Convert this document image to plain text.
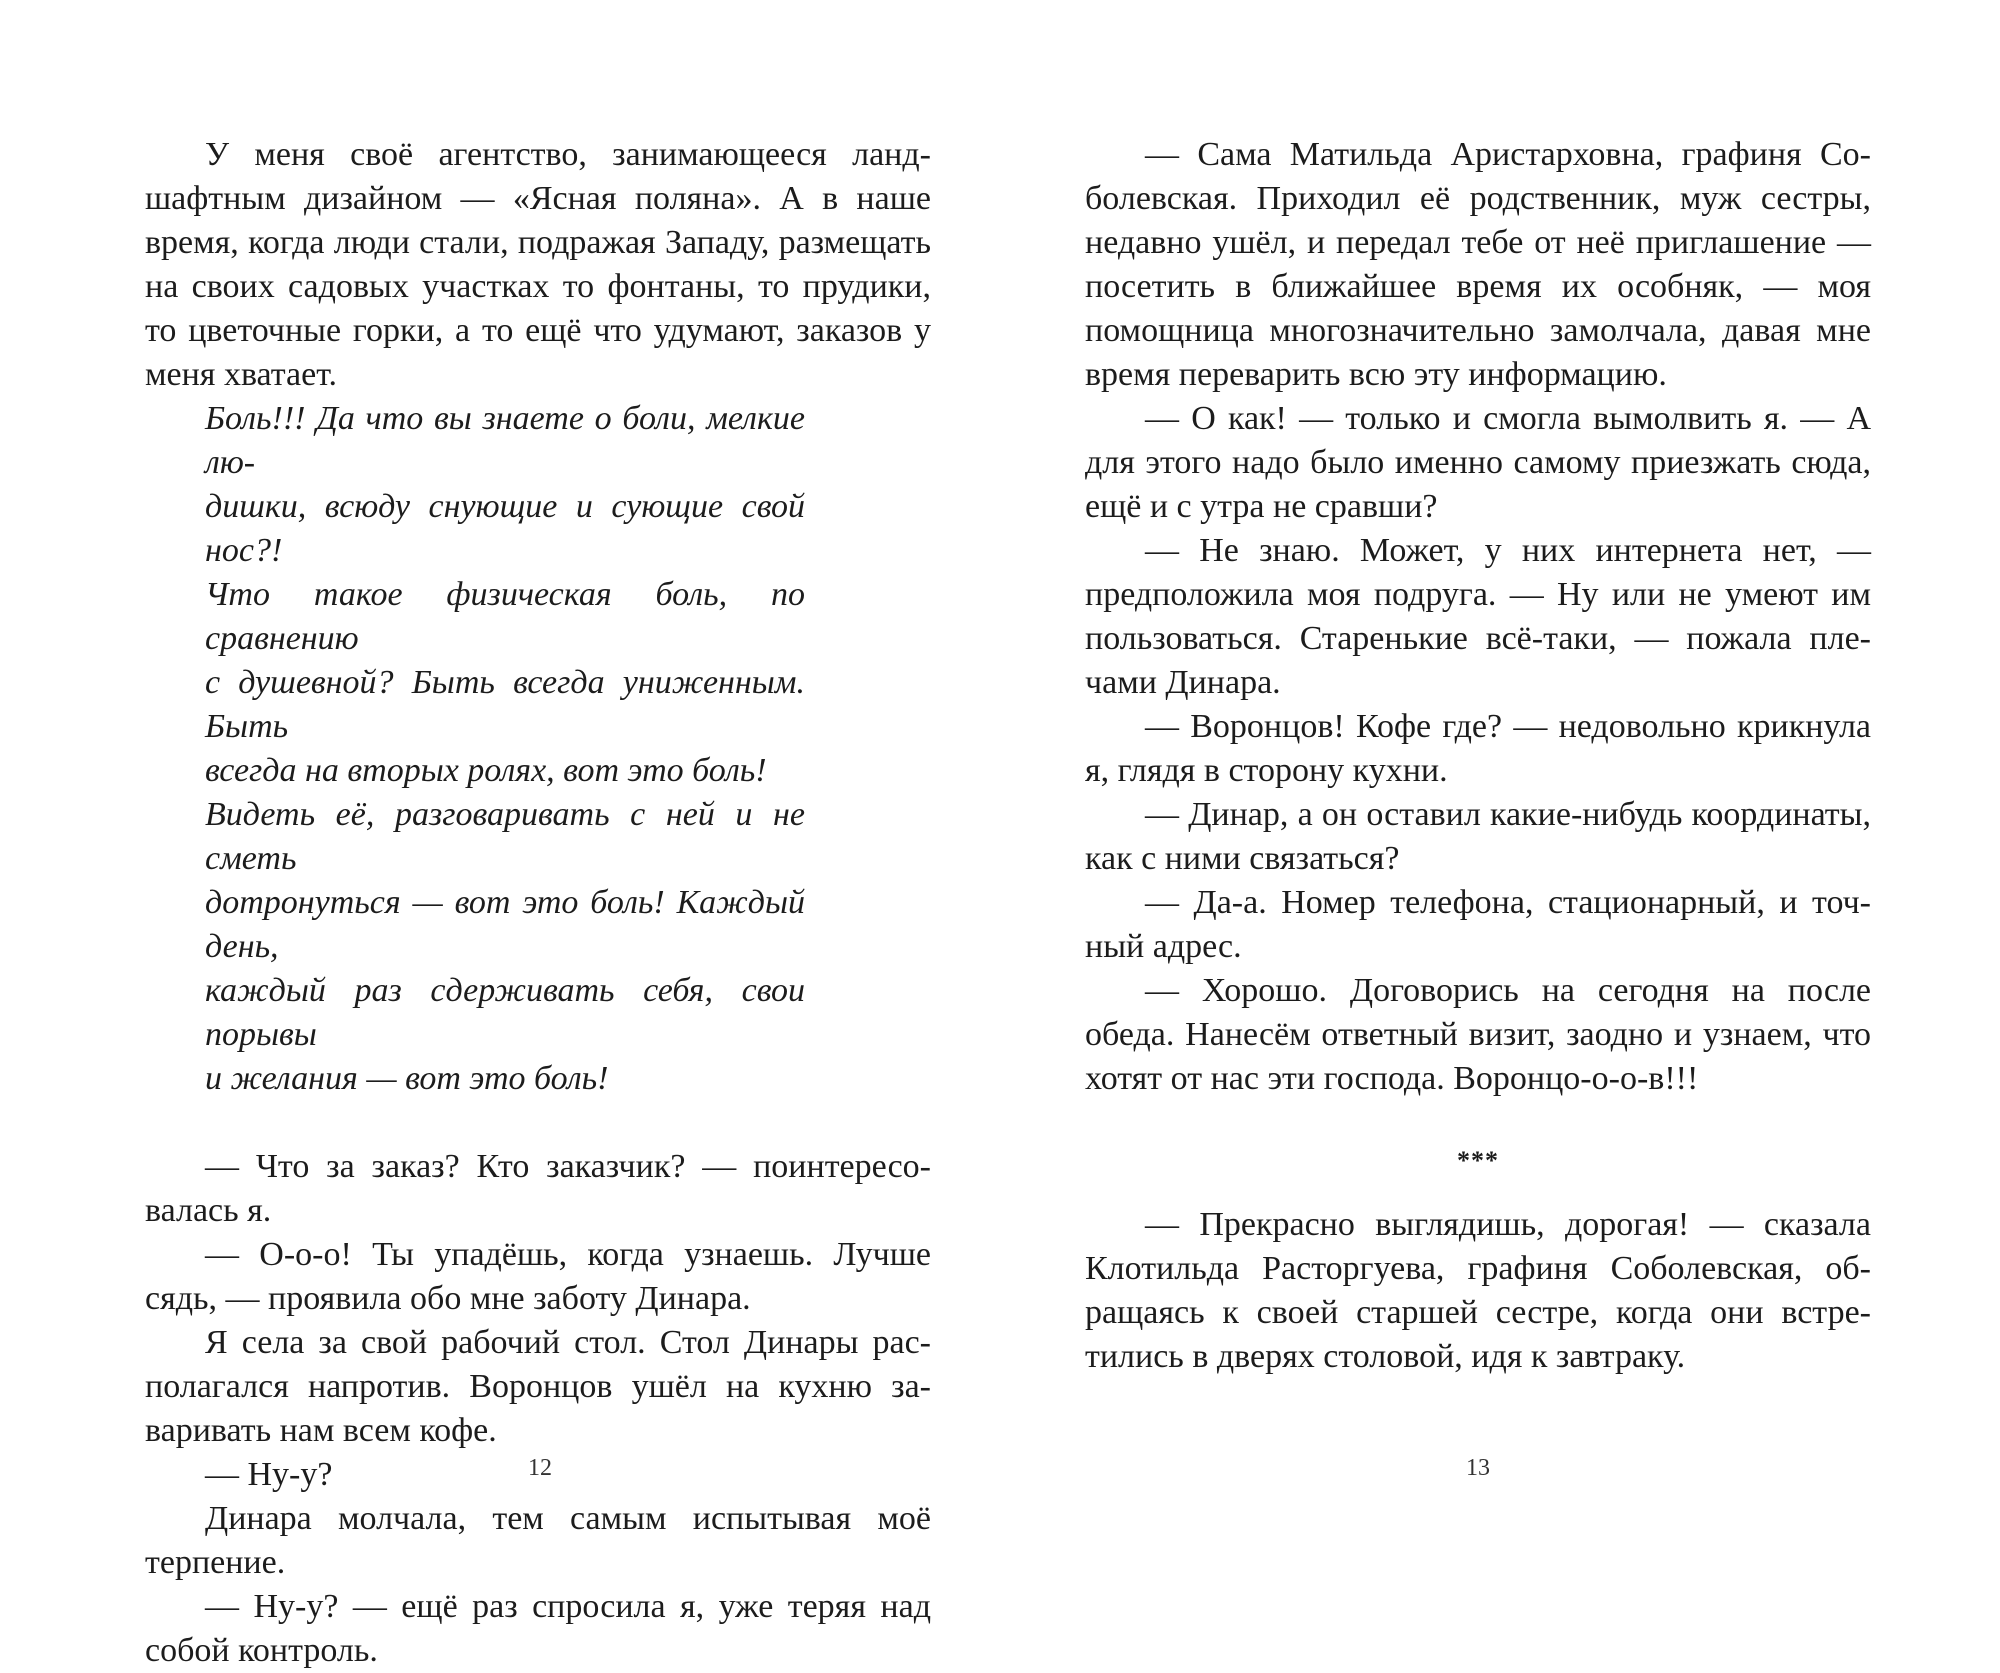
У меня своё агентство, занимающееся ландшафтным дизайном — «Ясная поляна». А в наше время, когда люди стали, подражая Западу, размещать на своих садовых участках то фонтаны, то прудики, то цветочные горки, а то ещё что удумают, заказов у меня хватает.

Боль!!! Да что вы знаете о боли, мелкие лю-
дишки, всюду снующие и сующие свой нос?!
Что такое физическая боль, по сравнению
с душевной? Быть всегда униженным. Быть
всегда на вторых ролях, вот это боль!
Видеть её, разговаривать с ней и не сметь
дотронуться — вот это боль! Каждый день,
каждый раз сдерживать себя, свои порывы
и желания — вот это боль!

— Что за заказ? Кто заказчик? — поинтересовалась я.

— О-о-о! Ты упадёшь, когда узнаешь. Лучше сядь, — проявила обо мне заботу Динара.

Я села за свой рабочий стол. Стол Динары располагался напротив. Воронцов ушёл на кухню заваривать нам всем кофе.

— Ну-у?

Динара молчала, тем самым испытывая моё терпение.

— Ну-у? — ещё раз спросила я, уже теряя над собой контроль.

12

— Сама Матильда Аристарховна, графиня Соболевская. Приходил её родственник, муж сестры, недавно ушёл, и передал тебе от неё приглашение — посетить в ближайшее время их особняк, — моя помощница многозначительно замолчала, давая мне время переварить всю эту информацию.

— О как! — только и смогла вымолвить я. — А для этого надо было именно самому приезжать сюда, ещё и с утра не сравши?

— Не знаю. Может, у них интернета нет, — предположила моя подруга. — Ну или не умеют им пользоваться. Старенькие всё-таки, — пожала плечами Динара.

— Воронцов! Кофе где? — недовольно крикнула я, глядя в сторону кухни.

— Динар, а он оставил какие-нибудь координаты, как с ними связаться?

— Да-а. Номер телефона, стационарный, и точный адрес.

— Хорошо. Договорись на сегодня на после обеда. Нанесём ответный визит, заодно и узнаем, что хотят от нас эти господа. Воронцо-о-о-в!!!

***

— Прекрасно выглядишь, дорогая! — сказала Клотильда Расторгуева, графиня Соболевская, обращаясь к своей старшей сестре, когда они встретились в дверях столовой, идя к завтраку.

13
